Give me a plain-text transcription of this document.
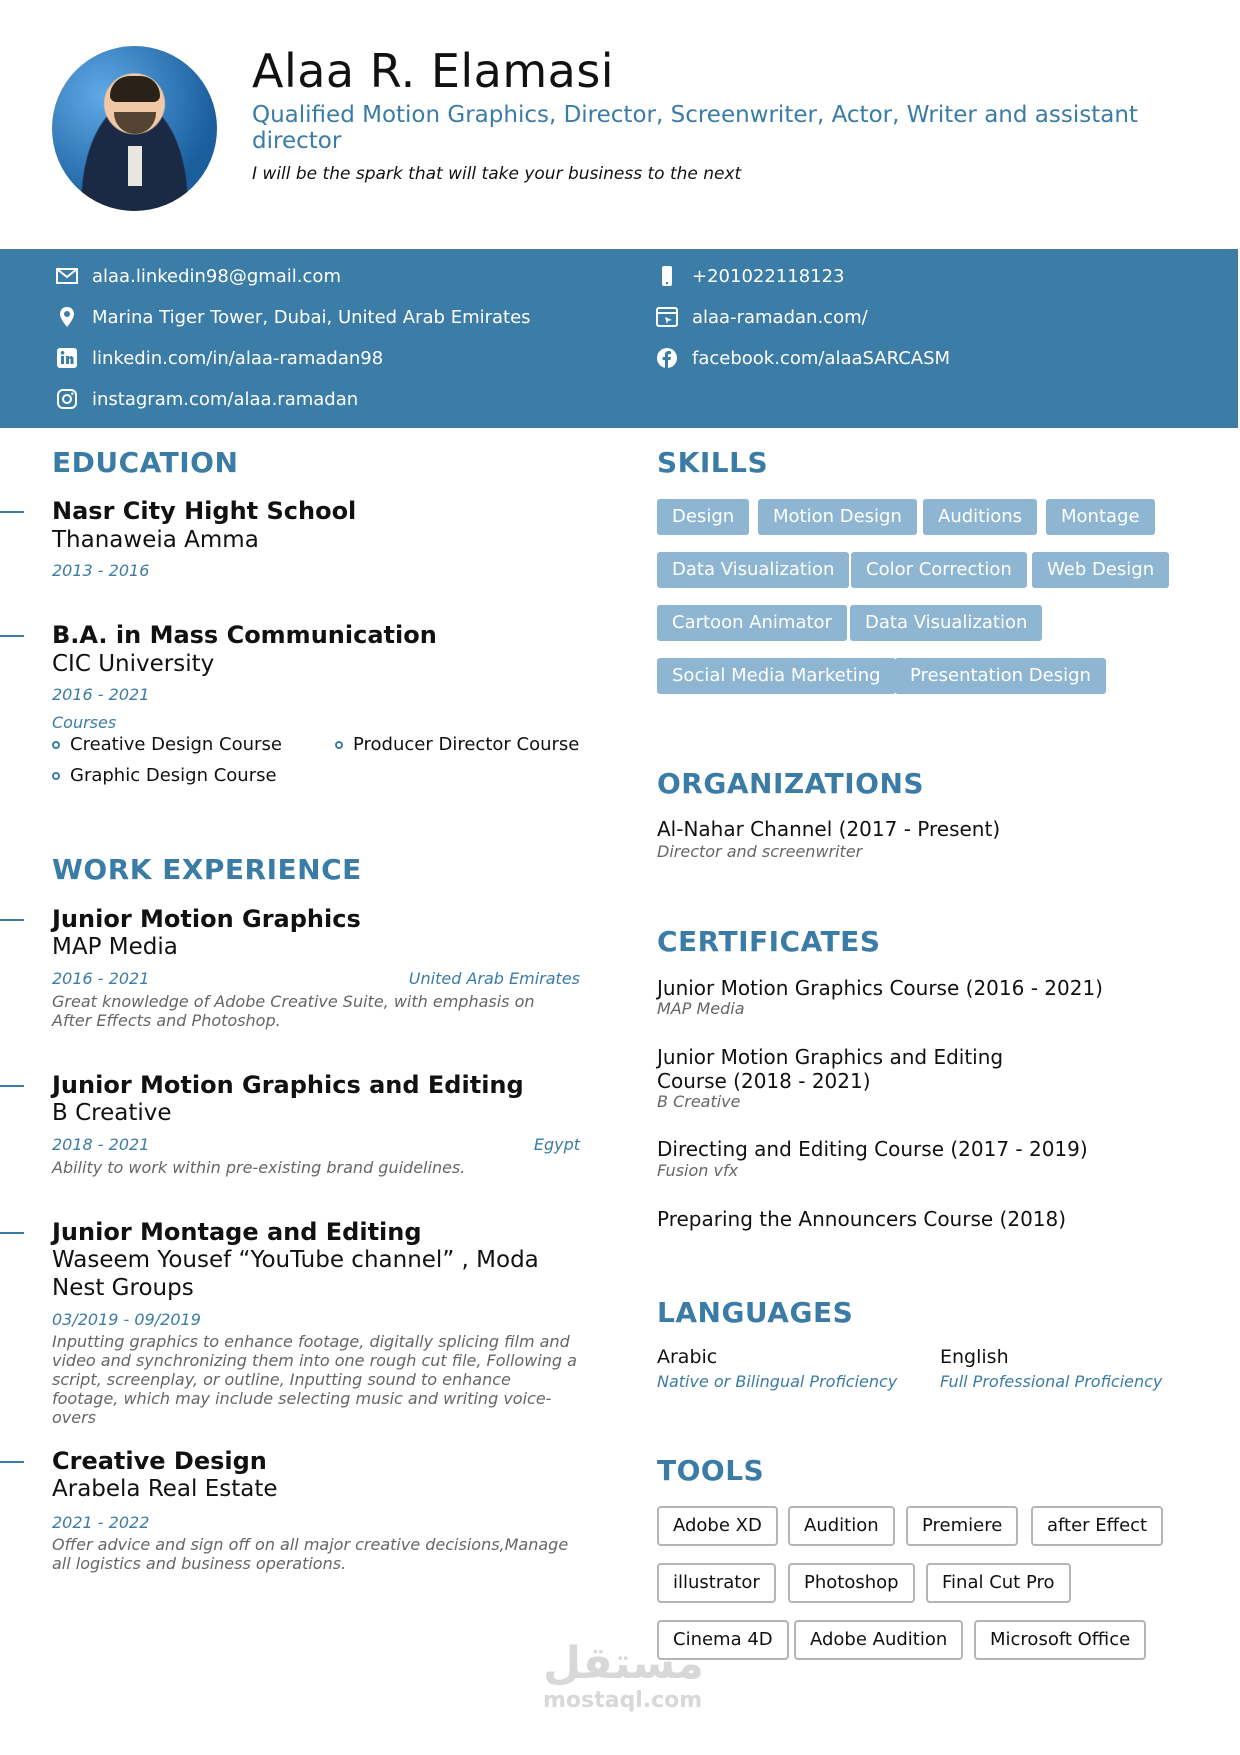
Alaa R. Elamasi
Qualified Motion Graphics, Director, Screenwriter, Actor, Writer and assistant director
I will be the spark that will take your business to the next
alaa.linkedin98@gmail.com	+201022118123
Marina Tiger Tower, Dubai, United Arab Emirates	alaa-ramadan.com/
linkedin.com/in/alaa-ramadan98	facebook.com/alaaSARCASM
instagram.com/alaa.ramadan
EDUCATION
Nasr City Hight School
Thanaweia Amma
2013 - 2016
B.A. in Mass Communication
CIC University
2016 - 2021
Courses
Creative Design Course	Producer Director Course
Graphic Design Course
WORK EXPERIENCE
Junior Motion Graphics
MAP Media
2016 - 2021	United Arab Emirates
Great knowledge of Adobe Creative Suite, with emphasis on After Effects and Photoshop.
Junior Motion Graphics and Editing
B Creative
2018 - 2021	Egypt
Ability to work within pre-existing brand guidelines.
Junior Montage and Editing
Waseem Yousef “YouTube channel” , Moda Nest Groups
03/2019 - 09/2019
Inputting graphics to enhance footage, digitally splicing film and video and synchronizing them into one rough cut file, Following a script, screenplay, or outline, Inputting sound to enhance footage, which may include selecting music and writing voice-overs
Creative Design
Arabela Real Estate
2021 - 2022
Offer advice and sign off on all major creative decisions,Manage all logistics and business operations.
SKILLS
Design	Motion Design	Auditions	Montage
Data Visualization	Color Correction	Web Design
Cartoon Animator	Data Visualization
Social Media Marketing	Presentation Design
ORGANIZATIONS
Al-Nahar Channel (2017 - Present)
Director and screenwriter
CERTIFICATES
Junior Motion Graphics Course (2016 - 2021)
MAP Media
Junior Motion Graphics and Editing Course (2018 - 2021)
B Creative
Directing and Editing Course (2017 - 2019)
Fusion vfx
Preparing the Announcers Course (2018)
LANGUAGES
Arabic
Native or Bilingual Proficiency
English
Full Professional Proficiency
TOOLS
Adobe XD	Audition	Premiere	after Effect
illustrator	Photoshop	Final Cut Pro
Cinema 4D	Adobe Audition	Microsoft Office
مستقل
mostaql.com
